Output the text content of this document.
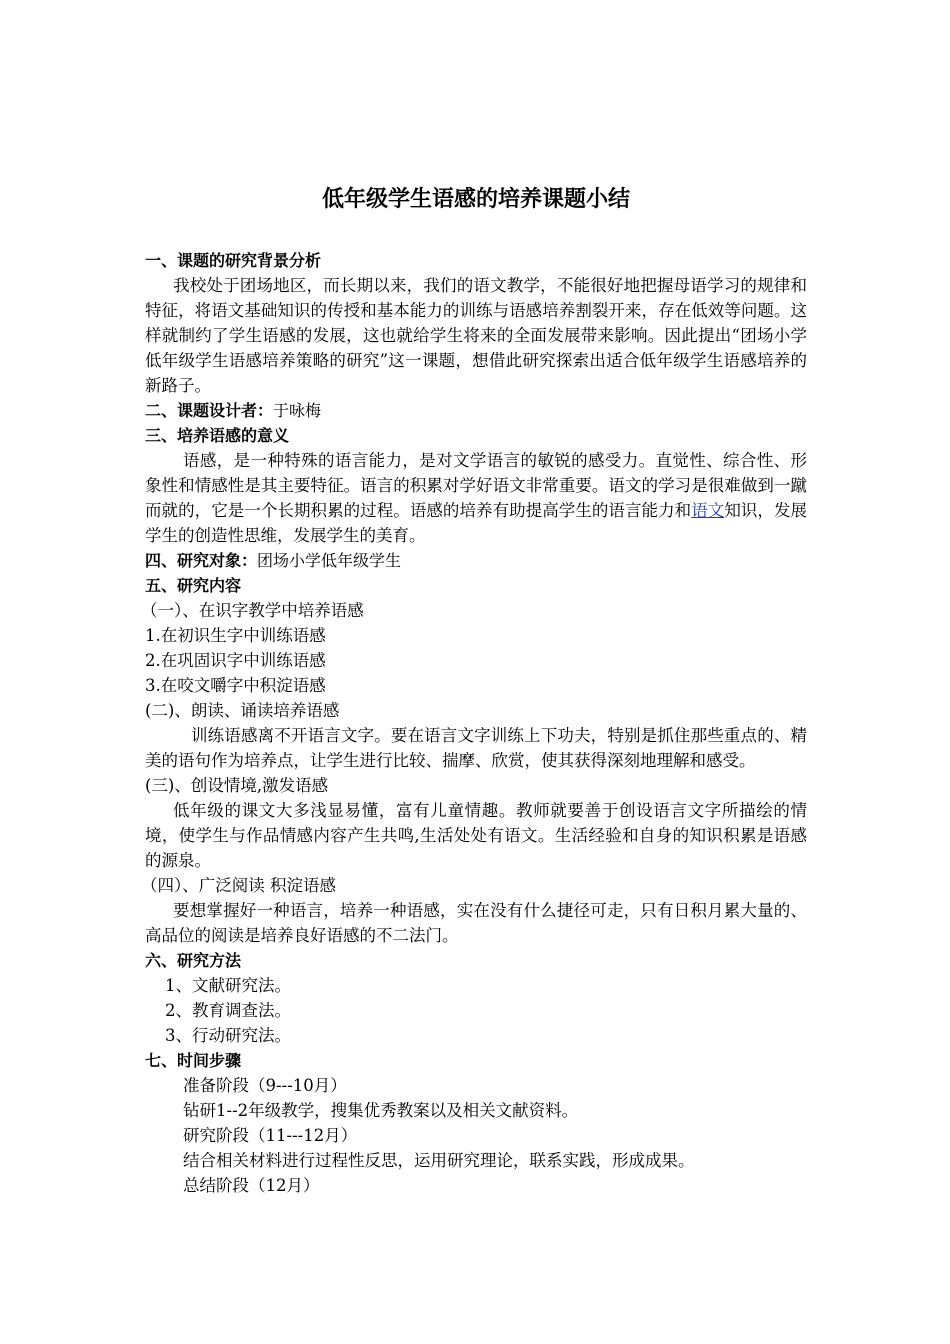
低年级学生语感的培养课题小结

一、课题的研究背景分析

我校处于团场地区，而长期以来，我们的语文教学，不能很好地把握母语学习的规律和特征，将语文基础知识的传授和基本能力的训练与语感培养割裂开来，存在低效等问题。这样就制约了学生语感的发展，这也就给学生将来的全面发展带来影响。因此提出“团场小学低年级学生语感培养策略的研究”这一课题，想借此研究探索出适合低年级学生语感培养的新路子。

二、课题设计者：于咏梅

三、培养语感的意义

语感，是一种特殊的语言能力，是对文学语言的敏锐的感受力。直觉性、综合性、形象性和情感性是其主要特征。语言的积累对学好语文非常重要。语文的学习是很难做到一蹴而就的，它是一个长期积累的过程。语感的培养有助提高学生的语言能力和语文知识，发展学生的创造性思维，发展学生的美育。

四、研究对象：团场小学低年级学生

五、研究内容

（一）、在识字教学中培养语感

1.在初识生字中训练语感

2.在巩固识字中训练语感

3.在咬文嚼字中积淀语感

(二)、朗读、诵读培养语感

训练语感离不开语言文字。要在语言文字训练上下功夫，特别是抓住那些重点的、精美的语句作为培养点，让学生进行比较、揣摩、欣赏，使其获得深刻地理解和感受。

(三)、创设情境,激发语感

低年级的课文大多浅显易懂，富有儿童情趣。教师就要善于创设语言文字所描绘的情境，使学生与作品情感内容产生共鸣,生活处处有语文。生活经验和自身的知识积累是语感的源泉。

（四）、广泛阅读 积淀语感

要想掌握好一种语言，培养一种语感，实在没有什么捷径可走，只有日积月累大量的、高品位的阅读是培养良好语感的不二法门。

六、研究方法

1、文献研究法。

2、教育调查法。

3、行动研究法。

七、时间步骤

准备阶段（9---10月）

钻研1--2年级教学，搜集优秀教案以及相关文献资料。

研究阶段（11---12月）

结合相关材料进行过程性反思，运用研究理论，联系实践，形成成果。

总结阶段（12月）
